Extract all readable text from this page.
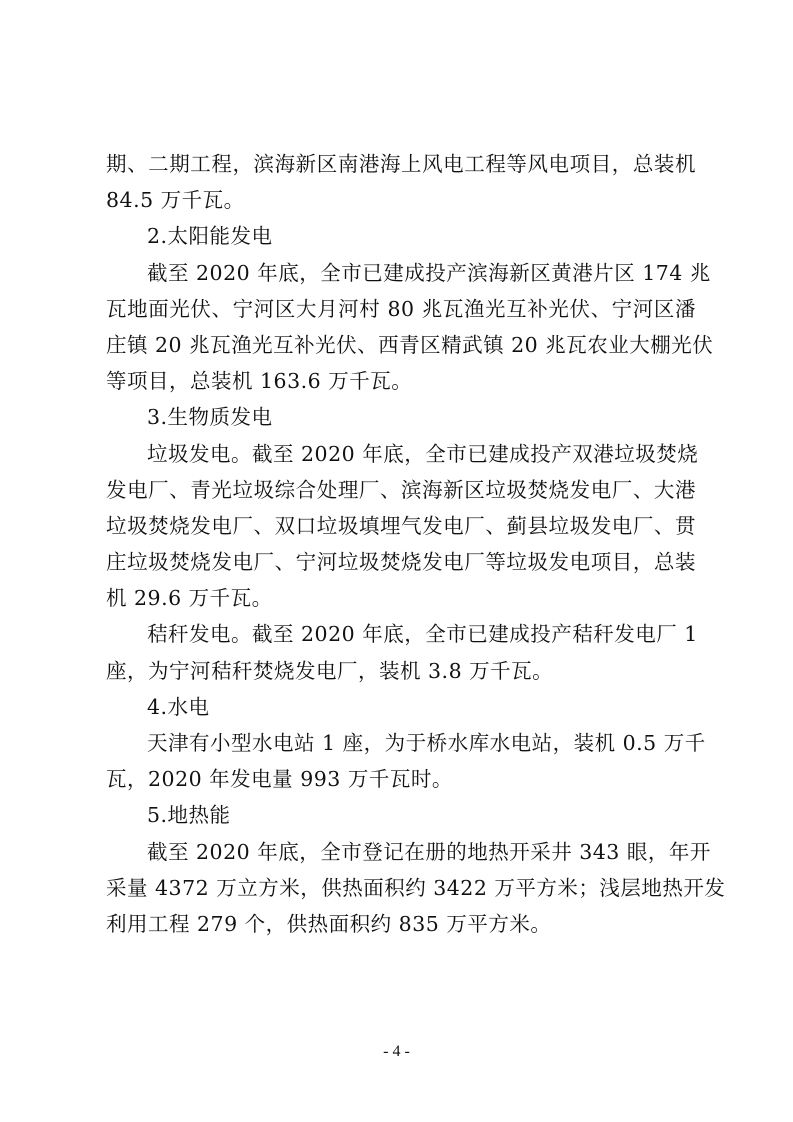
期、二期工程，滨海新区南港海上风电工程等风电项目，总装机
84.5 万千瓦。
2.太阳能发电
截至 2020 年底，全市已建成投产滨海新区黄港片区 174 兆
瓦地面光伏、宁河区大月河村 80 兆瓦渔光互补光伏、宁河区潘
庄镇 20 兆瓦渔光互补光伏、西青区精武镇 20 兆瓦农业大棚光伏
等项目，总装机 163.6 万千瓦。
3.生物质发电
垃圾发电。截至 2020 年底，全市已建成投产双港垃圾焚烧
发电厂、青光垃圾综合处理厂、滨海新区垃圾焚烧发电厂、大港
垃圾焚烧发电厂、双口垃圾填埋气发电厂、蓟县垃圾发电厂、贯
庄垃圾焚烧发电厂、宁河垃圾焚烧发电厂等垃圾发电项目，总装
机 29.6 万千瓦。
秸秆发电。截至 2020 年底，全市已建成投产秸秆发电厂 1
座，为宁河秸秆焚烧发电厂，装机 3.8 万千瓦。
4.水电
天津有小型水电站 1 座，为于桥水库水电站，装机 0.5 万千
瓦，2020 年发电量 993 万千瓦时。
5.地热能
截至 2020 年底，全市登记在册的地热开采井 343 眼，年开
采量 4372 万立方米，供热面积约 3422 万平方米；浅层地热开发
利用工程 279 个，供热面积约 835 万平方米。
- 4 -
